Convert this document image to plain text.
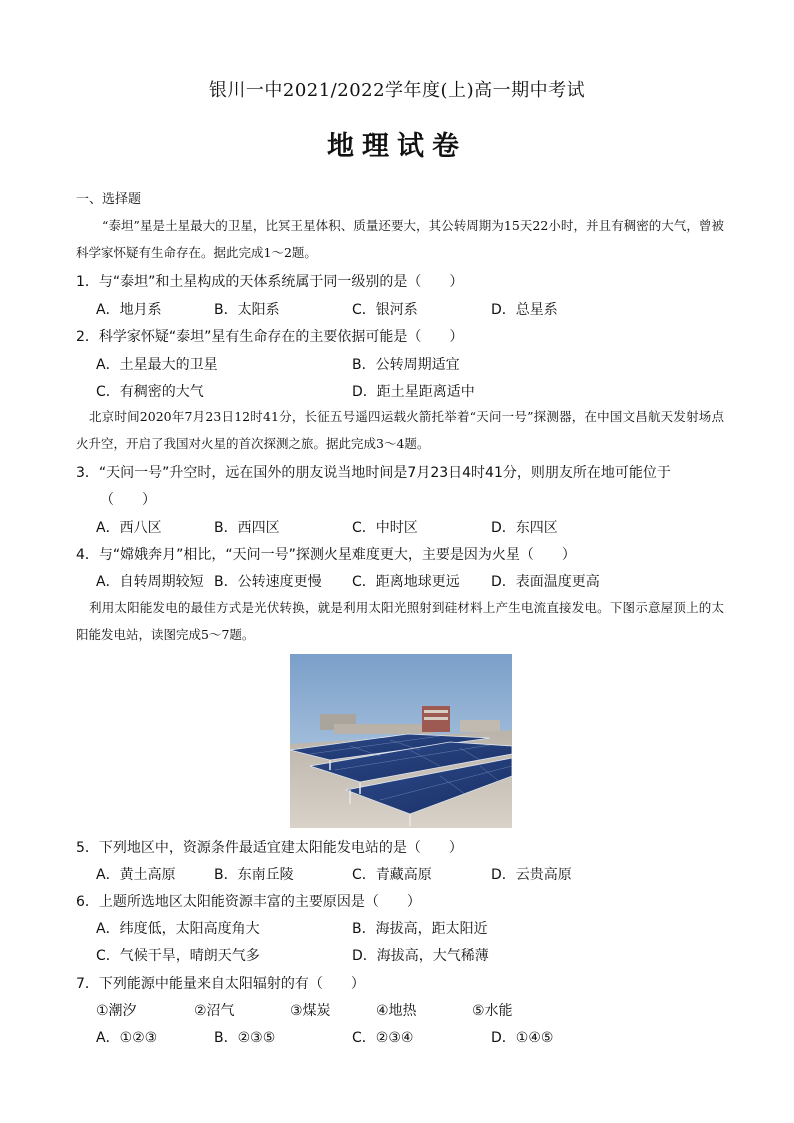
银川一中2021/2022学年度(上)高一期中考试
地理试卷
一、选择题
“泰坦”星是土星最大的卫星，比冥王星体积、质量还要大，其公转周期为15天22小时，并且有稠密的大气，曾被科学家怀疑有生命存在。据此完成1～2题。
1．与“泰坦”和土星构成的天体系统属于同一级别的是（　　）
A．地月系	B．太阳系	C．银河系	D．总星系
2．科学家怀疑“泰坦”星有生命存在的主要依据可能是（　　）
A．土星最大的卫星	B．公转周期适宜
C．有稠密的大气	D．距土星距离适中
北京时间2020年7月23日12时41分，长征五号遥四运载火箭托举着“天问一号”探测器，在中国文昌航天发射场点火升空，开启了我国对火星的首次探测之旅。据此完成3～4题。
3．“天问一号”升空时，远在国外的朋友说当地时间是7月23日4时41分，则朋友所在地可能位于
（　　）
A．西八区	B．西四区	C．中时区	D．东四区
4．与“嫦娥奔月”相比，“天问一号”探测火星难度更大，主要是因为火星（　　）
A．自转周期较短 B．公转速度更慢 C．距离地球更远 D．表面温度更高
利用太阳能发电的最佳方式是光伏转换，就是利用太阳光照射到硅材料上产生电流直接发电。下图示意屋顶上的太阳能发电站，读图完成5～7题。
5．下列地区中，资源条件最适宜建太阳能发电站的是（　　）
A．黄土高原	B．东南丘陵	C．青藏高原	D．云贵高原
6．上题所选地区太阳能资源丰富的主要原因是（　　）
A．纬度低，太阳高度角大	B．海拔高，距太阳近
C．气候干旱，晴朗天气多	D．海拔高，大气稀薄
7．下列能源中能量来自太阳辐射的有（　　）
①潮汐	②沼气	③煤炭	④地热	⑤水能
A．①②③	B．②③⑤	C．②③④	D．①④⑤
